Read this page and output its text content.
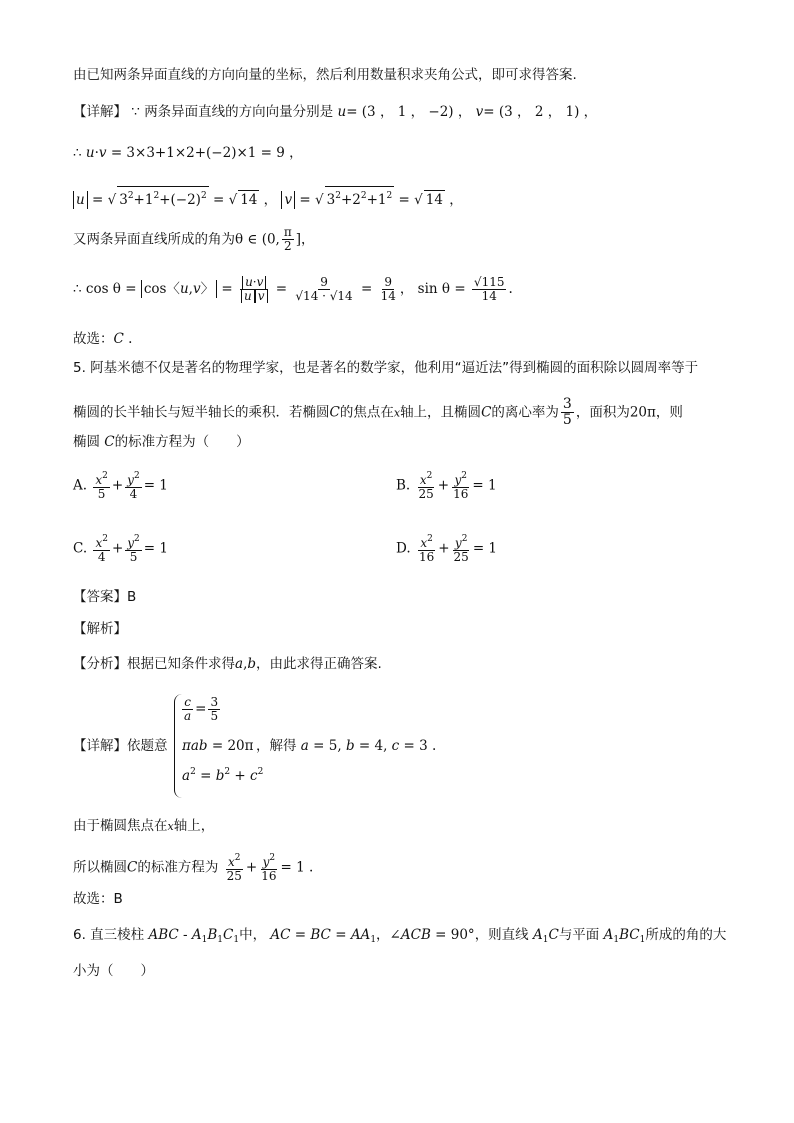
由已知两条异面直线的方向向量的坐标，然后利用数量积求夹角公式，即可求得答案.
【详解】 ∵ 两条异面直线的方向向量分别是 u= (3 ， 1 ， −2) ， v= (3 ， 2 ， 1) ，
∴ u·v = 3×3+1×2+(−2)×1 = 9 ，
u = √ $3^2+1^2+(-2)^2$ = √ 14 ， v = √ $3^2+2^2+1^2$ = √ 14 ，
又两条异面直线所成的角为θ ∈ (0, $\frac{\pi}{2}$ ]，
∴ cos θ = cos〈u,v〉 = $\frac{u\cdot v}{\text{u v}} = \frac{9}{√14 \cdot √14} = \frac{9}{14}$ ， $\sin \theta = \frac{√115}{14}$ .
故选：C .
5. 阿基米德不仅是著名的物理学家，也是著名的数学家，他利用“逼近法”得到椭圆的面积除以圆周率等于
椭圆的长半轴长与短半轴长的乘积．若椭圆C的焦点在x轴上，且椭圆C的离心率为 $\frac{3}{5}$ ，面积为20π，则
椭圆 C的标准方程为（　　）
A. $\frac{x^2}{5} + \frac{y^2}{4} = 1$	B. $\frac{x^2}{25} + \frac{y^2}{16} = 1$
C. $\frac{x^2}{4} + \frac{y^2}{5} = 1$	D. $\frac{x^2}{16} + \frac{y^2}{25} = 1$
【答案】B
【解析】
【分析】根据已知条件求得a,b，由此求得正确答案.
【详解】依题意
$\frac{c}{a} = \frac{3}{5}$
πab = 20π
$a^2 = b^2 + c^2$
，解得 a = 5, b = 4, c = 3 .
由于椭圆焦点在x轴上，
所以椭圆C的标准方程为 $\frac{x^2}{25} + \frac{y^2}{16} = 1$ .
故选：B
6. 直三棱柱 ABC - $A_1B_1C_1$中， AC = BC = $AA_1$，∠ACB = 90°，则直线 $A_1C$与平面 $A_1BC_1$所成的角的大
小为（　　）
